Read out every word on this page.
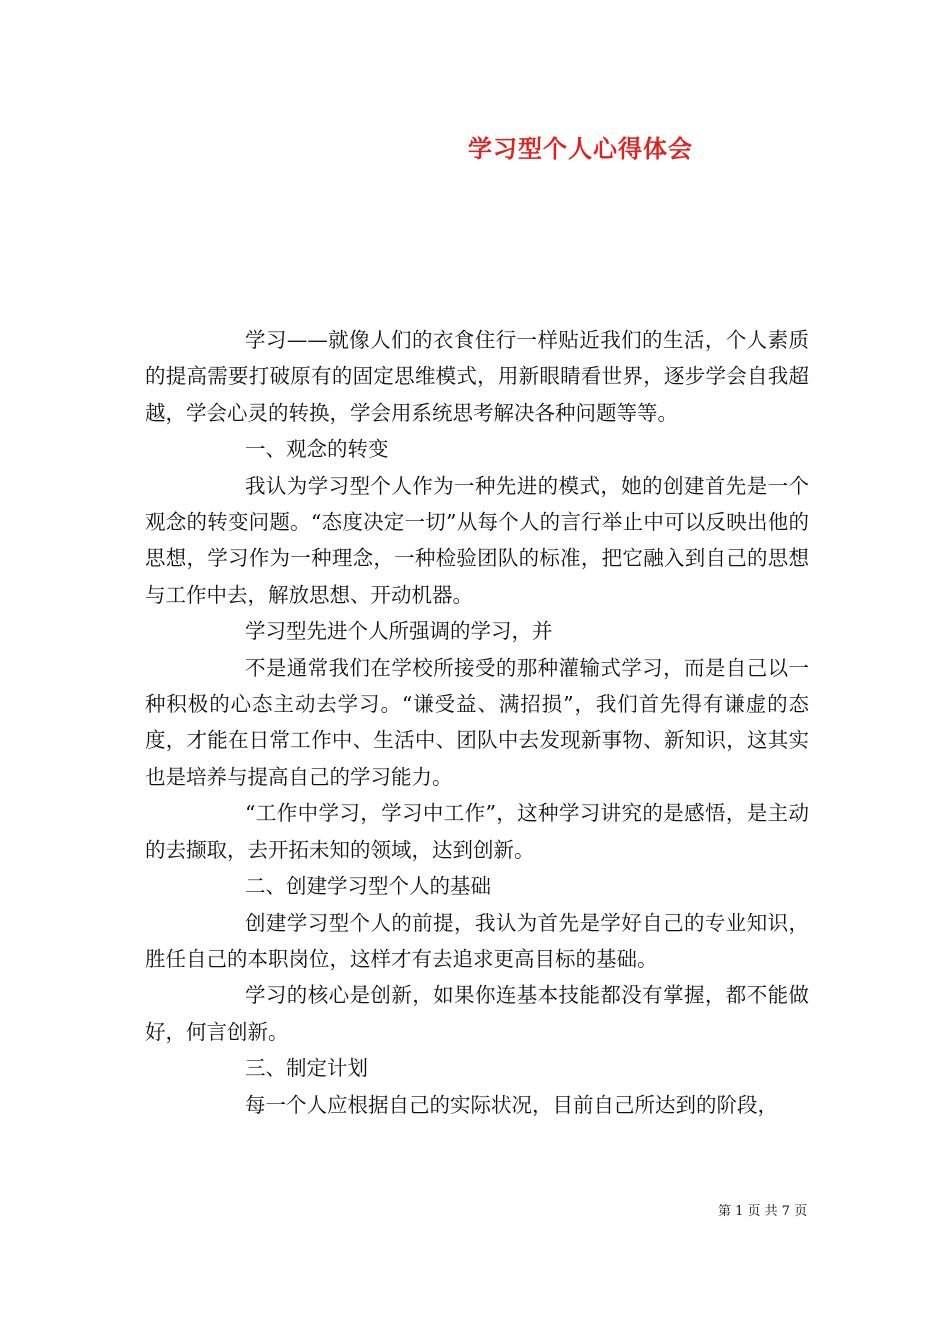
学习型个人心得体会

学习——就像人们的衣食住行一样贴近我们的生活，个人素质的提高需要打破原有的固定思维模式，用新眼睛看世界，逐步学会自我超越，学会心灵的转换，学会用系统思考解决各种问题等等。

一、观念的转变

我认为学习型个人作为一种先进的模式，她的创建首先是一个观念的转变问题。“态度决定一切”从每个人的言行举止中可以反映出他的思想，学习作为一种理念，一种检验团队的标准，把它融入到自己的思想与工作中去，解放思想、开动机器。

学习型先进个人所强调的学习，并

不是通常我们在学校所接受的那种灌输式学习，而是自己以一种积极的心态主动去学习。“谦受益、满招损”，我们首先得有谦虚的态度，才能在日常工作中、生活中、团队中去发现新事物、新知识，这其实也是培养与提高自己的学习能力。

“工作中学习，学习中工作”，这种学习讲究的是感悟，是主动的去撷取，去开拓未知的领域，达到创新。

二、创建学习型个人的基础

创建学习型个人的前提，我认为首先是学好自己的专业知识，胜任自己的本职岗位，这样才有去追求更高目标的基础。

学习的核心是创新，如果你连基本技能都没有掌握，都不能做好，何言创新。

三、制定计划

每一个人应根据自己的实际状况，目前自己所达到的阶段，

第 1 页 共 7 页
